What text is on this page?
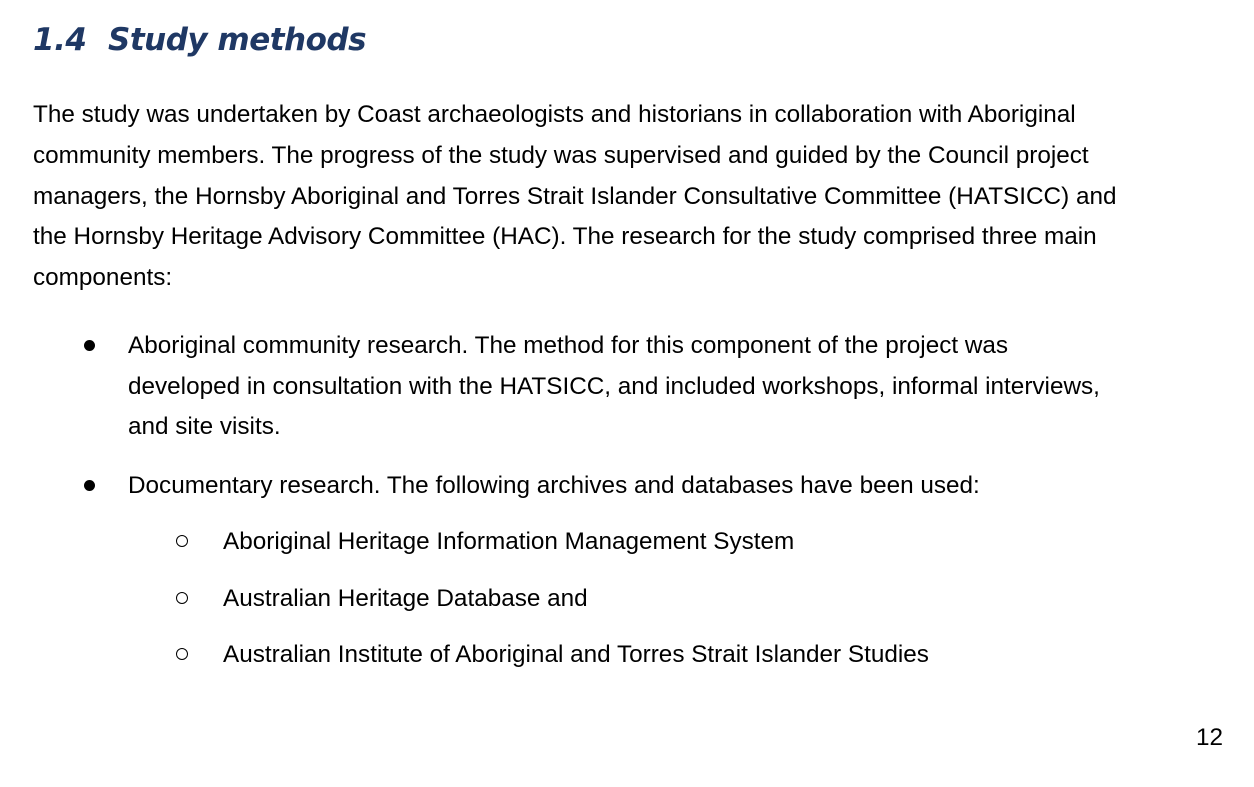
1.4 Study methods

The study was undertaken by Coast archaeologists and historians in collaboration with Aboriginal
community members. The progress of the study was supervised and guided by the Council project
managers, the Hornsby Aboriginal and Torres Strait Islander Consultative Committee (HATSICC) and
the Hornsby Heritage Advisory Committee (HAC). The research for the study comprised three main
components:

Aboriginal community research. The method for this component of the project was
developed in consultation with the HATSICC, and included workshops, informal interviews,
and site visits.
Documentary research. The following archives and databases have been used:
Aboriginal Heritage Information Management System
Australian Heritage Database and
Australian Institute of Aboriginal and Torres Strait Islander Studies
12
